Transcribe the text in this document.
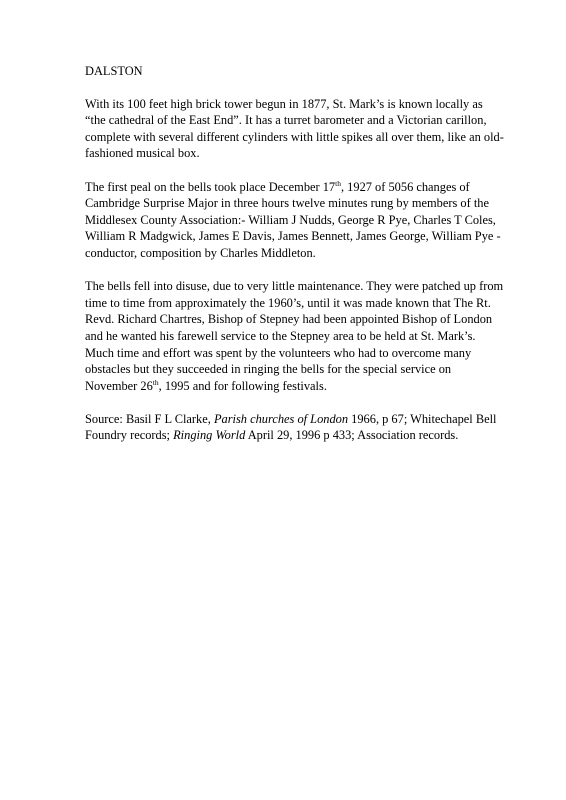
DALSTON

With its 100 feet high brick tower begun in 1877, St. Mark’s is known locally as “the cathedral of the East End”. It has a turret barometer and a Victorian carillon, complete with several different cylinders with little spikes all over them, like an old-fashioned musical box.

The first peal on the bells took place December 17th, 1927 of 5056 changes of Cambridge Surprise Major in three hours twelve minutes rung by members of the Middlesex County Association:- William J Nudds, George R Pye, Charles T Coles, William R Madgwick, James E Davis, James Bennett, James George, William Pye - conductor, composition by Charles Middleton.

The bells fell into disuse, due to very little maintenance. They were patched up from time to time from approximately the 1960’s, until it was made known that The Rt. Revd. Richard Chartres, Bishop of Stepney had been appointed Bishop of London and he wanted his farewell service to the Stepney area to be held at St. Mark’s. Much time and effort was spent by the volunteers who had to overcome many obstacles but they succeeded in ringing the bells for the special service on November 26th, 1995 and for following festivals.

Source: Basil F L Clarke, Parish churches of London 1966, p 67; Whitechapel Bell Foundry records; Ringing World April 29, 1996 p 433; Association records.
